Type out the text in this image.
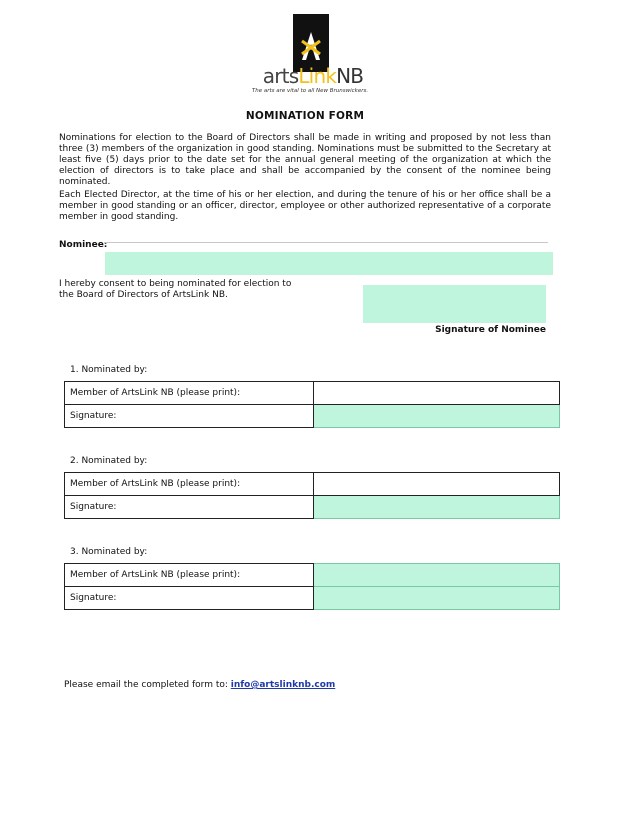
artsLinkNB
The arts are vital to all New Brunswickers.
NOMINATION FORM
Nominations for election to the Board of Directors shall be made in writing and proposed by not less than three (3) members of the organization in good standing. Nominations must be submitted to the Secretary at least five (5) days prior to the date set for the annual general meeting of the organization at which the election of directors is to take place and shall be accompanied by the consent of the nominee being nominated.
Each Elected Director, at the time of his or her election, and during the tenure of his or her office shall be a member in good standing or an officer, director, employee or other authorized representative of a corporate member in good standing.
Nominee:
I hereby consent to being nominated for election to the Board of Directors of ArtsLink NB.
Signature of Nominee
1. Nominated by:
Member of ArtsLink NB (please print):	
Signature:	
2. Nominated by:
Member of ArtsLink NB (please print):	
Signature:	
3. Nominated by:
Member of ArtsLink NB (please print):	
Signature:	
Please email the completed form to: info@artslinknb.com
